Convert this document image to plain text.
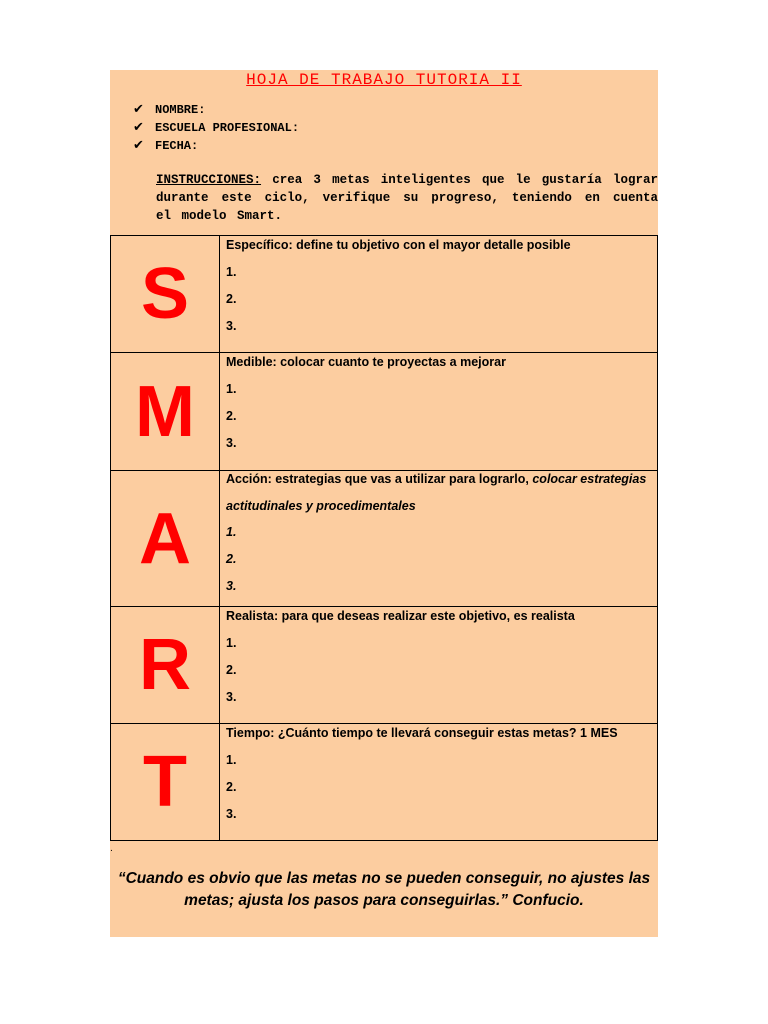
HOJA DE TRABAJO TUTORIA II
✔ NOMBRE:
✔ ESCUELA PROFESIONAL:
✔ FECHA:
INSTRUCCIONES: crea 3 metas inteligentes que le gustaría lograr durante este ciclo, verifique su progreso, teniendo en cuenta el modelo Smart.
S	Específico: define tu objetivo con el mayor detalle posible
1.
2.
3.

M	Medible: colocar cuanto te proyectas a mejorar
1.
2.
3.

A	Acción: estrategias que vas a utilizar para lograrlo, colocar estrategias actitudinales y procedimentales
1.
2.
3.

R	Realista: para que deseas realizar este objetivo, es realista
1.
2.
3.

T	Tiempo: ¿Cuánto tiempo te llevará conseguir estas metas? 1 MES
1.
2.
3.
.
“Cuando es obvio que las metas no se pueden conseguir, no ajustes las metas; ajusta los pasos para conseguirlas.” Confucio.
